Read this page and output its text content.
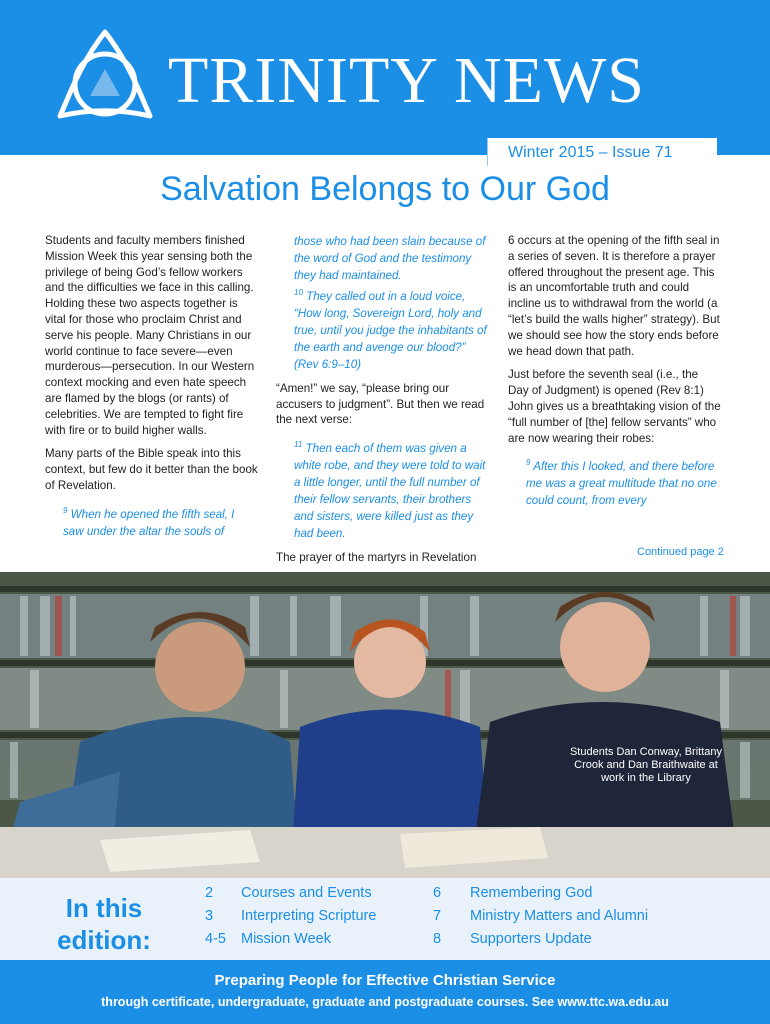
TRINITY NEWS
Winter 2015 – Issue 71
Salvation Belongs to Our God

Students and faculty members finished Mission Week this year sensing both the privilege of being God’s fellow workers and the difficulties we face in this calling. Holding these two aspects together is vital for those who proclaim Christ and serve his people. Many Christians in our world continue to face severe—even murderous—persecution. In our Western context mocking and even hate speech are flamed by the blogs (or rants) of celebrities. We are tempted to fight fire with fire or to build higher walls.

Many parts of the Bible speak into this context, but few do it better than the book of Revelation.

$^9$ When he opened the fifth seal, I saw under the altar the souls of

those who had been slain because of the word of God and the testimony they had maintained.
$^{10}$ They called out in a loud voice, “How long, Sovereign Lord, holy and true, until you judge the inhabitants of the earth and avenge our blood?” (Rev 6:9–10)

“Amen!” we say, “please bring our accusers to judgment”. But then we read the next verse:

$^{11}$ Then each of them was given a white robe, and they were told to wait a little longer, until the full number of their fellow servants, their brothers and sisters, were killed just as they had been.

The prayer of the martyrs in Revelation

6 occurs at the opening of the fifth seal in a series of seven. It is therefore a prayer offered throughout the present age. This is an uncomfortable truth and could incline us to withdrawal from the world (a “let’s build the walls higher” strategy). But we should see how the story ends before we head down that path.

Just before the seventh seal (i.e., the Day of Judgment) is opened (Rev 8:1) John gives us a breathtaking vision of the “full number of [the] fellow servants” who are now wearing their robes:

$^9$ After this I looked, and there before me was a great multitude that no one could count, from every

Continued page 2
Students Dan Conway, Brittany Crook and Dan Braithwaite at work in the Library
In this
edition:
2 Courses and Events
3 Interpreting Scripture
4-5 Mission Week
6 Remembering God
7 Ministry Matters and Alumni
8 Supporters Update
Preparing People for Effective Christian Service
through certificate, undergraduate, graduate and postgraduate courses. See www.ttc.wa.edu.au
